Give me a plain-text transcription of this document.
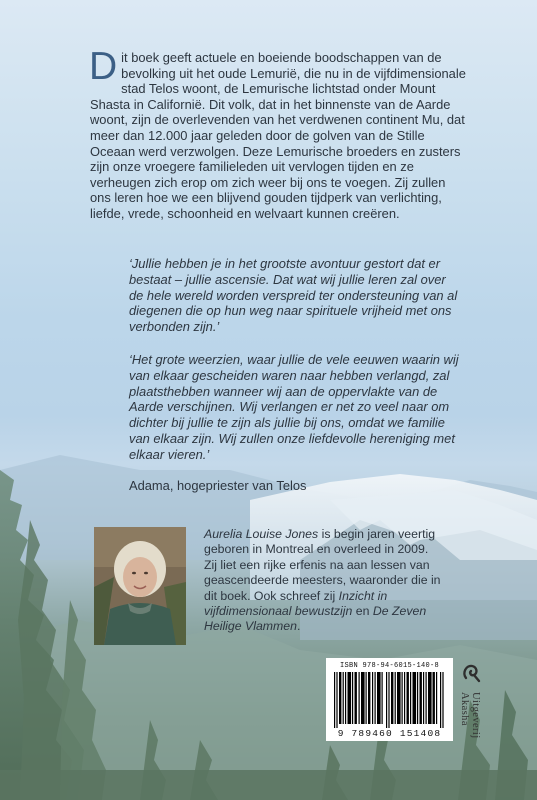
Dit boek geeft actuele en boeiende boodschappen van de bevolking uit het oude Lemurië, die nu in de vijfdimensionale stad Telos woont, de Lemurische lichtstad onder Mount Shasta in Californië. Dit volk, dat in het binnenste van de Aarde woont, zijn de overlevenden van het verdwenen continent Mu, dat meer dan 12.000 jaar geleden door de golven van de Stille Oceaan werd verzwolgen. Deze Lemurische broeders en zusters zijn onze vroegere familieleden uit vervlogen tijden en ze verheugen zich erop om zich weer bij ons te voegen. Zij zullen ons leren hoe we een blijvend gouden tijdperk van verlichting, liefde, vrede, schoonheid en welvaart kunnen creëren.
‘Jullie hebben je in het grootste avontuur gestort dat er bestaat – jullie ascensie. Dat wat wij jullie leren zal over de hele wereld worden verspreid ter ondersteuning van al diegenen die op hun weg naar spirituele vrijheid met ons verbonden zijn.’
‘Het grote weerzien, waar jullie de vele eeuwen waarin wij van elkaar gescheiden waren naar hebben verlangd, zal plaatsthebben wanneer wij aan de oppervlakte van de Aarde verschijnen. Wij verlangen er net zo veel naar om dichter bij jullie te zijn als jullie bij ons, omdat we familie van elkaar zijn. Wij zullen onze liefdevolle hereniging met elkaar vieren.’
Adama, hogepriester van Telos
Aurelia Louise Jones is begin jaren veertig geboren in Montreal en overleed in 2009. Zij liet een rijke erfenis na aan lessen van geascendeerde meesters, waaronder die in dit boek. Ook schreef zij Inzicht in vijfdimensionaal bewustzijn en De Zeven Heilige Vlammen.
ISBN 978-94-6015-140-8
9 789460 151408	Uitgeverij Akasha
